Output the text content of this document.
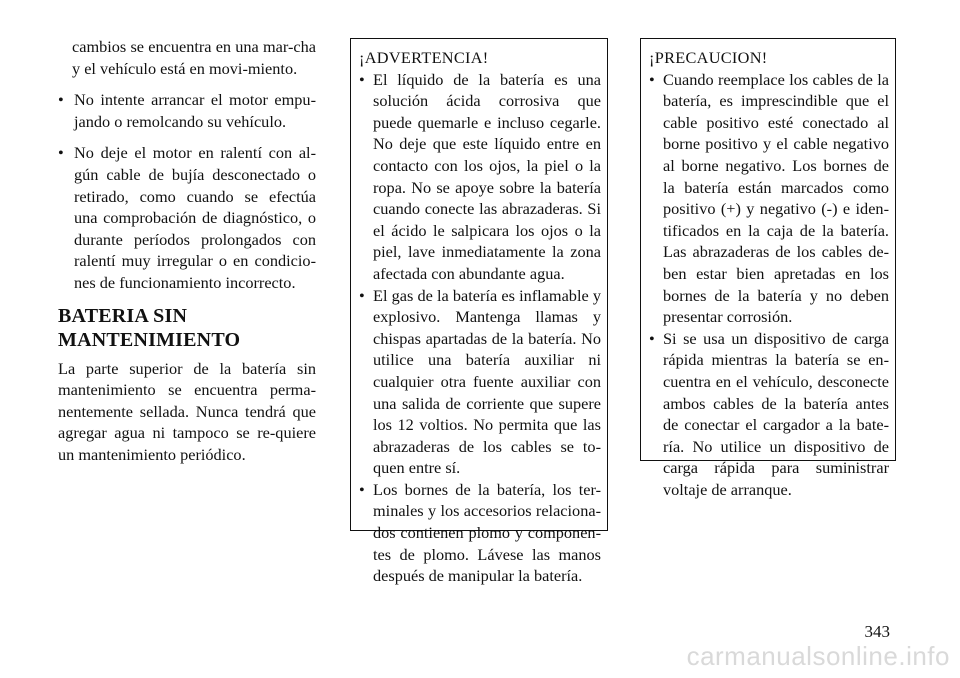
cambios se encuentra en una mar-cha y el vehículo está en movi-miento.

• No intente arrancar el motor empu-jando o remolcando su vehículo.
• No deje el motor en ralentí con al-gún cable de bujía desconectado o retirado, como cuando se efectúa una comprobación de diagnóstico, o durante períodos prolongados con ralentí muy irregular o en condicio-nes de funcionamiento incorrecto.

BATERIA SIN MANTENIMIENTO

La parte superior de la batería sin mantenimiento se encuentra perma-nentemente sellada. Nunca tendrá que agregar agua ni tampoco se re-quiere un mantenimiento periódico.

¡ADVERTENCIA!

• El líquido de la batería es una solución ácida corrosiva que puede quemarle e incluso cegarle. No deje que este líquido entre en contacto con los ojos, la piel o la ropa. No se apoye sobre la batería cuando conecte las abrazaderas. Si el ácido le salpicara los ojos o la piel, lave inmediatamente la zona afectada con abundante agua.
• El gas de la batería es inflamable y explosivo. Mantenga llamas y chispas apartadas de la batería. No utilice una batería auxiliar ni cualquier otra fuente auxiliar con una salida de corriente que supere los 12 voltios. No permita que las abrazaderas de los cables se to-quen entre sí.
• Los bornes de la batería, los ter-minales y los accesorios relaciona-dos contienen plomo y componen-tes de plomo. Lávese las manos después de manipular la batería.

¡PRECAUCION!

• Cuando reemplace los cables de la batería, es imprescindible que el cable positivo esté conectado al borne positivo y el cable negativo al borne negativo. Los bornes de la batería están marcados como positivo (+) y negativo (-) e iden-tificados en la caja de la batería. Las abrazaderas de los cables de-ben estar bien apretadas en los bornes de la batería y no deben presentar corrosión.
• Si se usa un dispositivo de carga rápida mientras la batería se en-cuentra en el vehículo, desconecte ambos cables de la batería antes de conectar el cargador a la bate-ría. No utilice un dispositivo de carga rápida para suministrar voltaje de arranque.
343
carmanualsonline.info
